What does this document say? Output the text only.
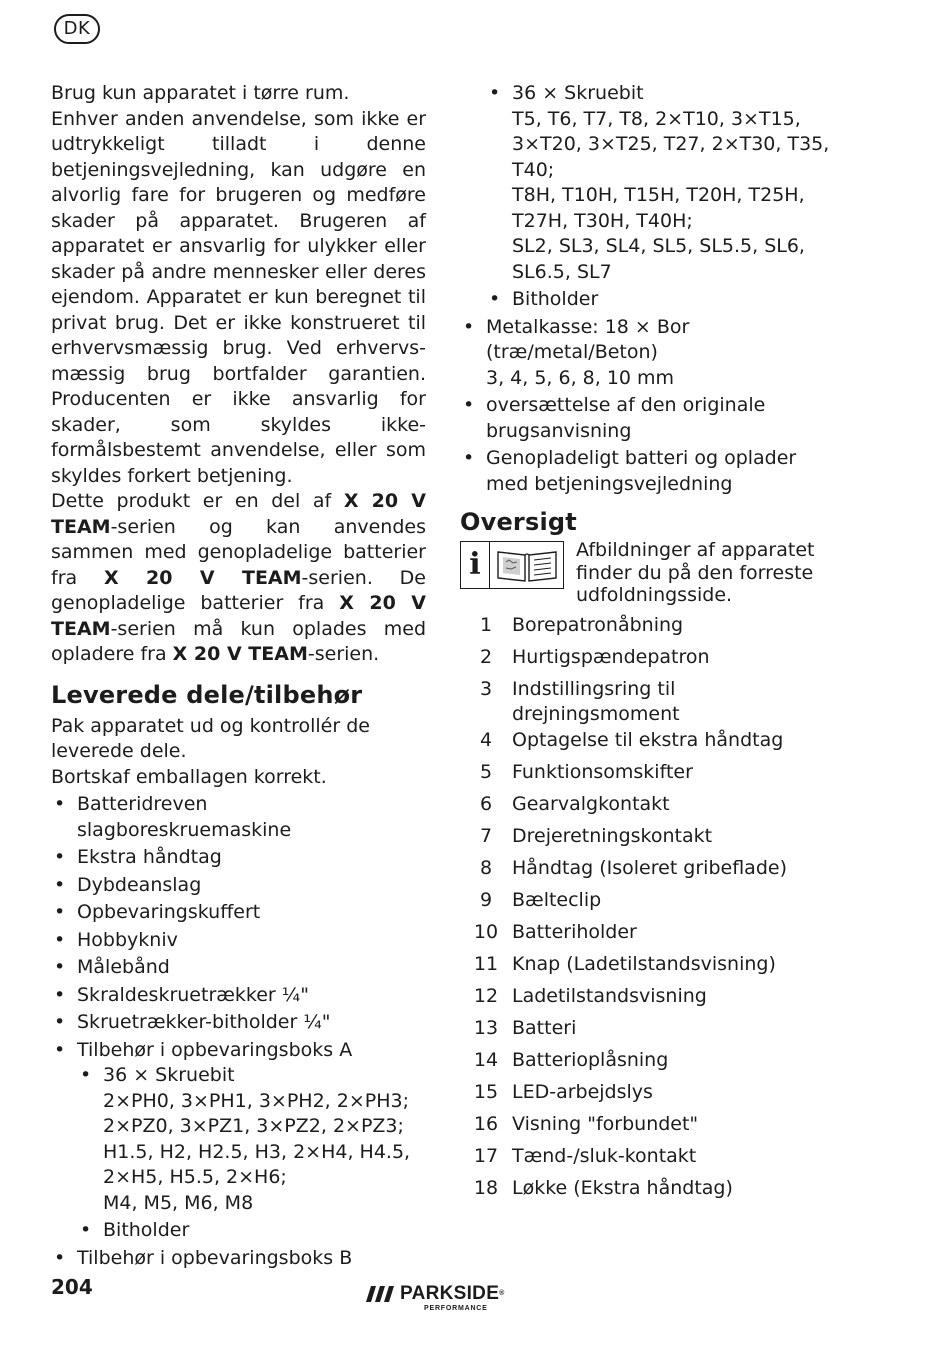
DK

Brug kun apparatet i tørre rum.

Enhver anden anvendelse, som ikke er udtrykkeligt tilladt i denne betjeningsvejledning, kan udgøre en alvorlig fare for brugeren og medføre skader på apparatet. Brugeren af apparatet er ansvarlig for ulykker eller skader på andre mennesker eller deres ejendom. Apparatet er kun beregnet til privat brug. Det er ikke konstrueret til erhvervsmæssig brug. Ved erhvervsmæssig brug bortfalder garantien. Producenten er ikke ansvarlig for skader, som skyldes ikke-formålsbestemt anvendelse, eller som skyldes forkert betjening.

Dette produkt er en del af X 20 V TEAM-serien og kan anvendes sammen med genopladelige batterier fra X 20 V TEAM-serien. De genopladelige batterier fra X 20 V TEAM-serien må kun oplades med opladere fra X 20 V TEAM-serien.

Leverede dele/tilbehør

Pak apparatet ud og kontrollér de leverede dele.

Bortskaf emballagen korrekt.

• Batteridreven slagboreskruemaskine
• Ekstra håndtag
• Dybdeanslag
• Opbevaringskuffert
• Hobbykniv
• Målebånd
• Skraldeskruetrækker ¼"
• Skruetrækker-bitholder ¼"
• Tilbehør i opbevaringsboks A
• 36 × Skruebit
2×PH0, 3×PH1, 3×PH2, 2×PH3;
2×PZ0, 3×PZ1, 3×PZ2, 2×PZ3;
H1.5, H2, H2.5, H3, 2×H4, H4.5, 2×H5, H5.5, 2×H6;
M4, M5, M6, M8
• Bitholder
• Tilbehør i opbevaringsboks B
• 36 × Skruebit
T5, T6, T7, T8, 2×T10, 3×T15, 3×T20, 3×T25, T27, 2×T30, T35, T40;
T8H, T10H, T15H, T20H, T25H, T27H, T30H, T40H;
SL2, SL3, SL4, SL5, SL5.5, SL6, SL6.5, SL7
• Bitholder
• Metalkasse: 18 × Bor (træ/metal/Beton)
3, 4, 5, 6, 8, 10 mm
• oversættelse af den originale brugsanvisning
• Genopladeligt batteri og oplader med betjeningsvejledning
Oversigt
i	Afbildninger af apparatet finder du på den forreste udfoldningsside.
1	Borepatronåbning
2	Hurtigspændepatron
3	Indstillingsring til drejningsmoment
4	Optagelse til ekstra håndtag
5	Funktionsomskifter
6	Gearvalgkontakt
7	Drejeretningskontakt
8	Håndtag (Isoleret gribeflade)
9	Bælteclip
10	Batteriholder
11	Knap (Ladetilstandsvisning)
12	Ladetilstandsvisning
13	Batteri
14	Batterioplåsning
15	LED-arbejdslys
16	Visning "forbundet"
17	Tænd-/sluk-kontakt
18	Løkke (Ekstra håndtag)
204	PARKSIDE®
PERFORMANCE
